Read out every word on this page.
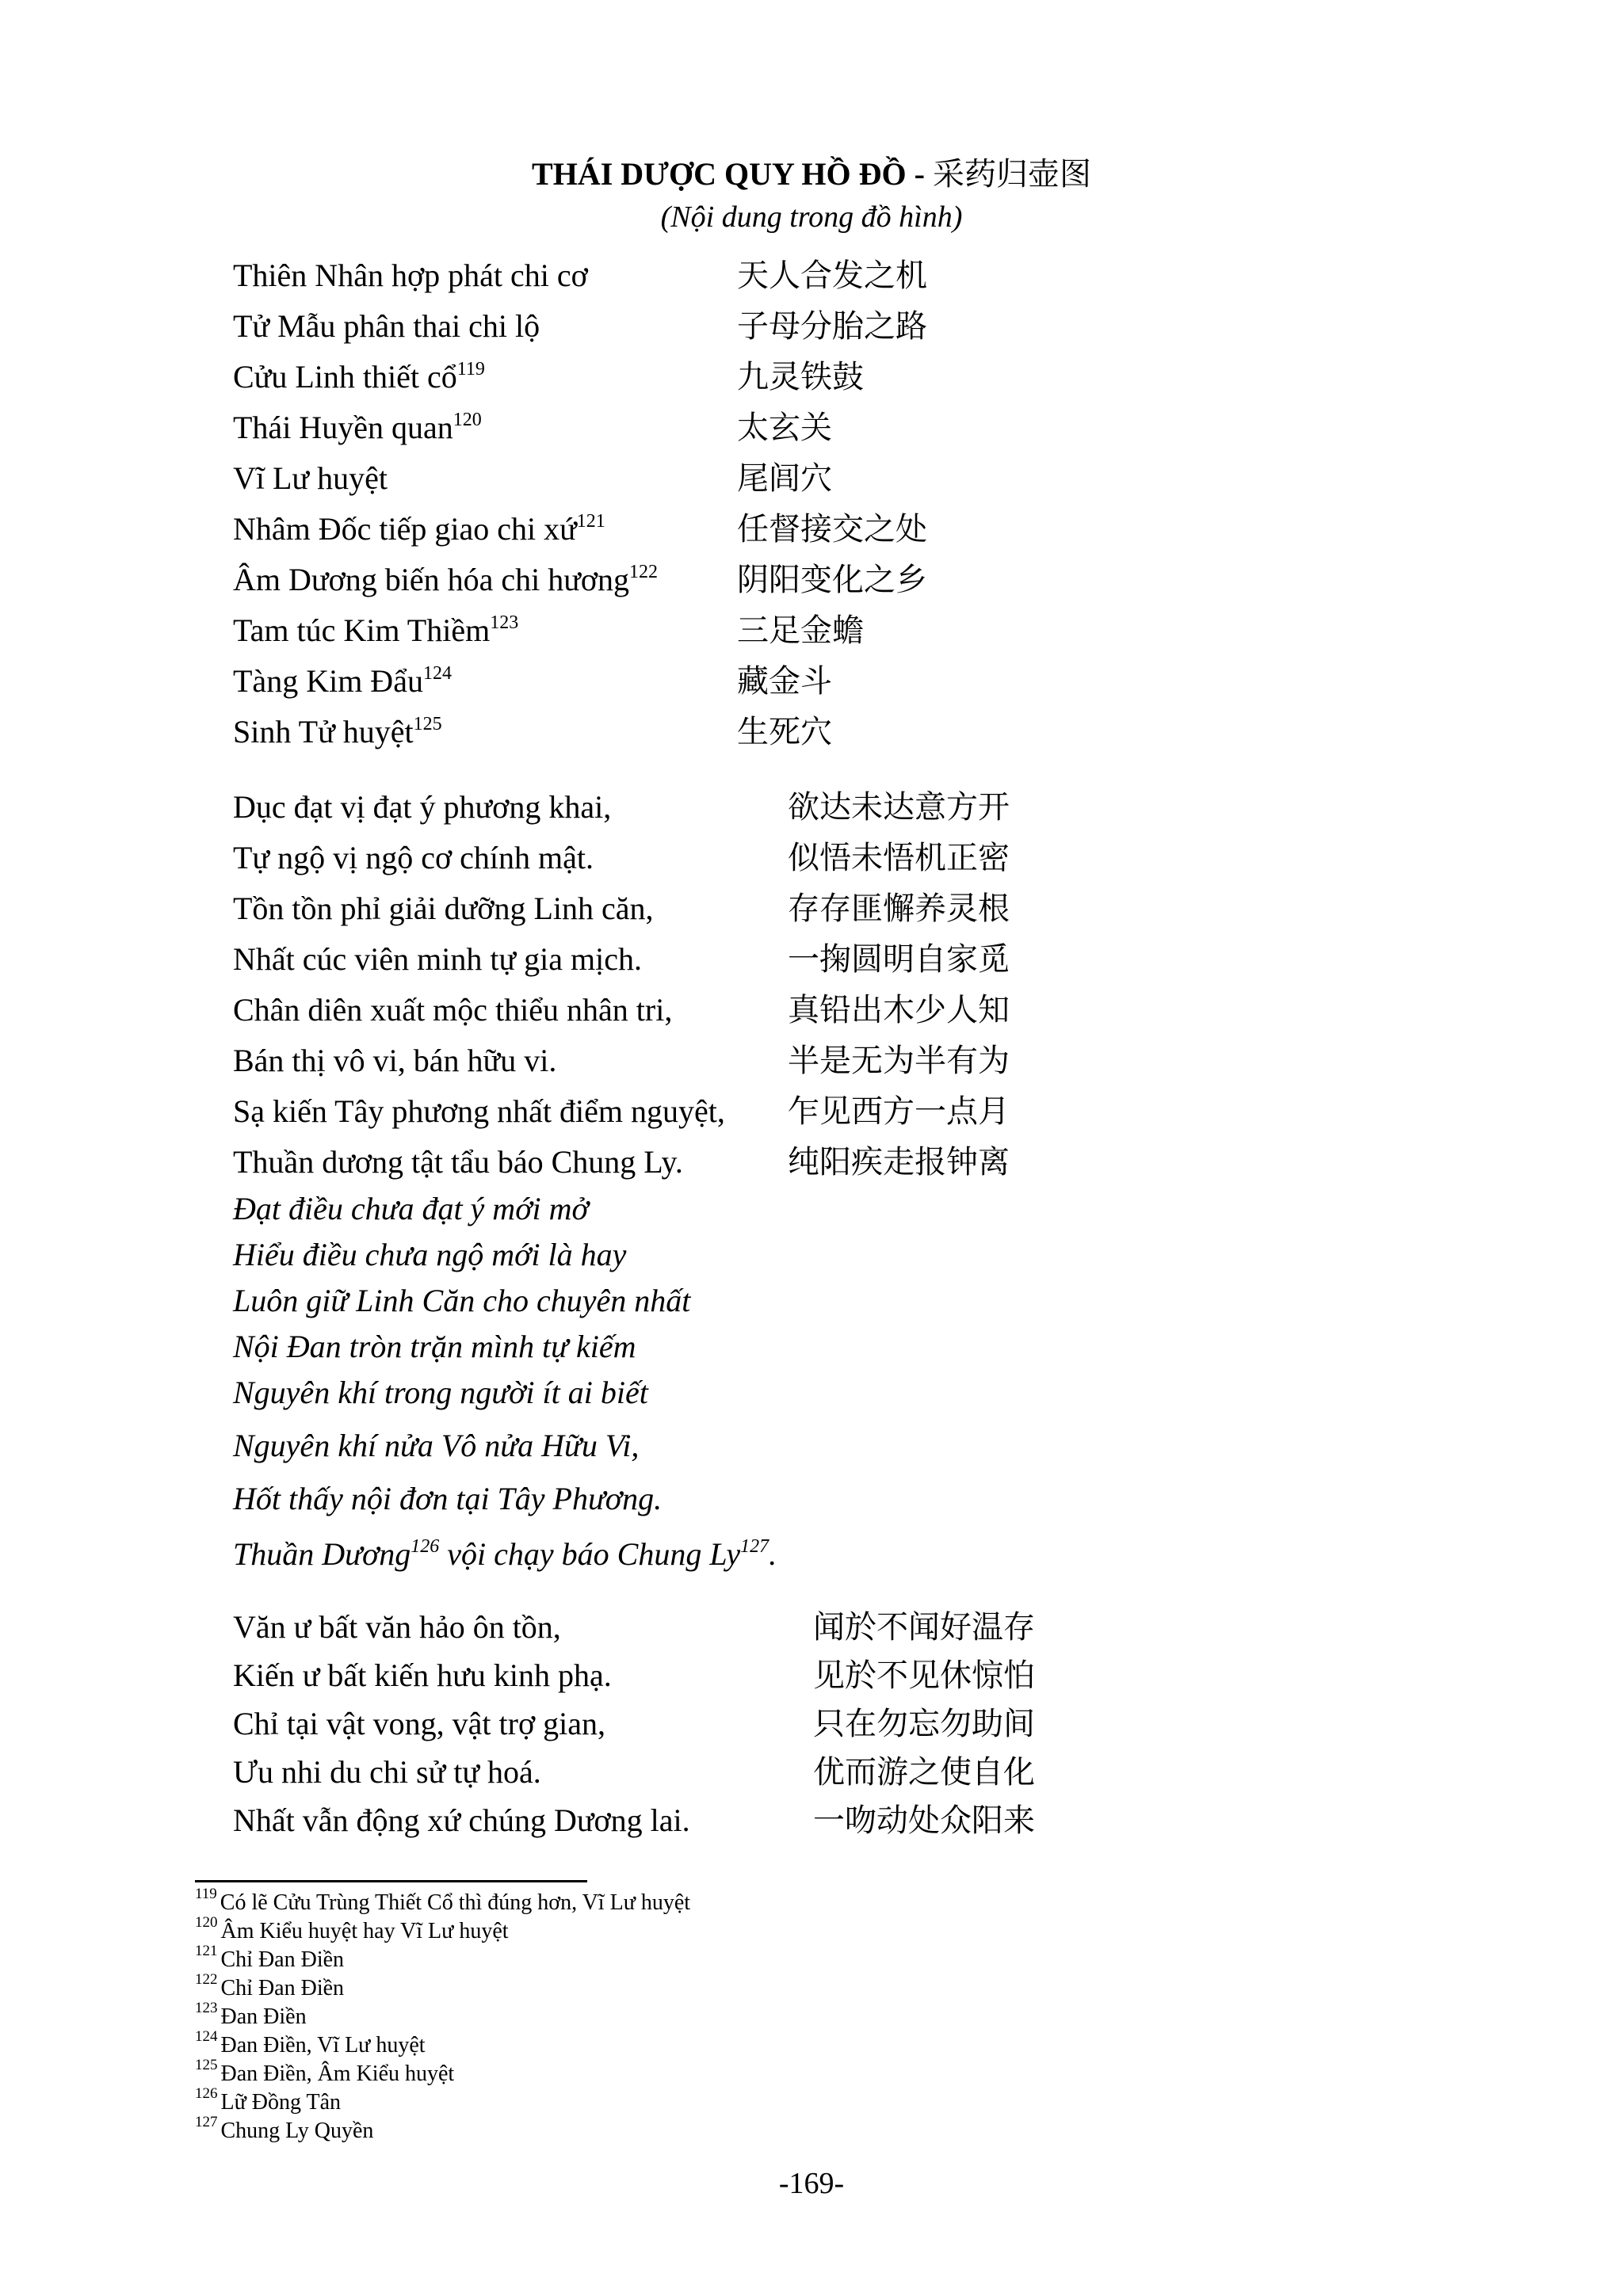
THÁI DƯỢC QUY HỒ ĐỒ - 采药归壶图
(Nội dung trong đồ hình)
Thiên Nhân hợp phát chi cơ	天人合发之机
Tử Mẫu phân thai chi lộ	子母分胎之路
Cửu Linh thiết cổ$^{119}$	九灵铁鼓
Thái Huyền quan$^{120}$	太玄关
Vĩ Lư huyệt	尾闾穴
Nhâm Đốc tiếp giao chi xứ$^{121}$	任督接交之处
Âm Dương biến hóa chi hương$^{122}$ 阴阳变化之乡
Tam túc Kim Thiềm$^{123}$	三足金蟾
Tàng Kim Đẩu$^{124}$	藏金斗
Sinh Tử huyệt$^{125}$	生死穴
Dục đạt vị đạt ý phương khai,	欲达未达意方开
Tự ngộ vị ngộ cơ chính mật.	似悟未悟机正密
Tồn tồn phỉ giải dưỡng Linh căn,	存存匪懈养灵根
Nhất cúc viên minh tự gia mịch.	一掬圆明自家觅
Chân diên xuất mộc thiểu nhân tri,	真铅出木少人知
Bán thị vô vi, bán hữu vi.	半是无为半有为
Sạ kiến Tây phương nhất điểm nguyệt, 乍见西方一点月
Thuần dương tật tẩu báo Chung Ly.	纯阳疾走报钟离
Đạt điều chưa đạt ý mới mở
Hiểu điều chưa ngộ mới là hay
Luôn giữ Linh Căn cho chuyên nhất
Nội Đan tròn trặn mình tự kiếm
Nguyên khí trong người ít ai biết
Nguyên khí nửa Vô nửa Hữu Vi,
Hốt thấy nội đơn tại Tây Phương.
Thuần Dương$^{126}$ vội chạy báo Chung Ly$^{127}$.
Văn ư bất văn hảo ôn tồn,	闻於不闻好温存
Kiến ư bất kiến hưu kinh phạ.	见於不见休惊怕
Chỉ tại vật vong, vật trợ gian,	只在勿忘勿助间
Ưu nhi du chi sử tự hoá.	优而游之使自化
Nhất vẫn động xứ chúng Dương lai.	一吻动处众阳来
$^{119}$ Có lẽ Cửu Trùng Thiết Cổ thì đúng hơn, Vĩ Lư huyệt
$^{120}$ Âm Kiểu huyệt hay Vĩ Lư huyệt
$^{121}$ Chỉ Đan Điền
$^{122}$ Chỉ Đan Điền
$^{123}$ Đan Điền
$^{124}$ Đan Điền, Vĩ Lư huyệt
$^{125}$ Đan Điền, Âm Kiểu huyệt
$^{126}$ Lữ Đồng Tân
$^{127}$ Chung Ly Quyền
-169-
